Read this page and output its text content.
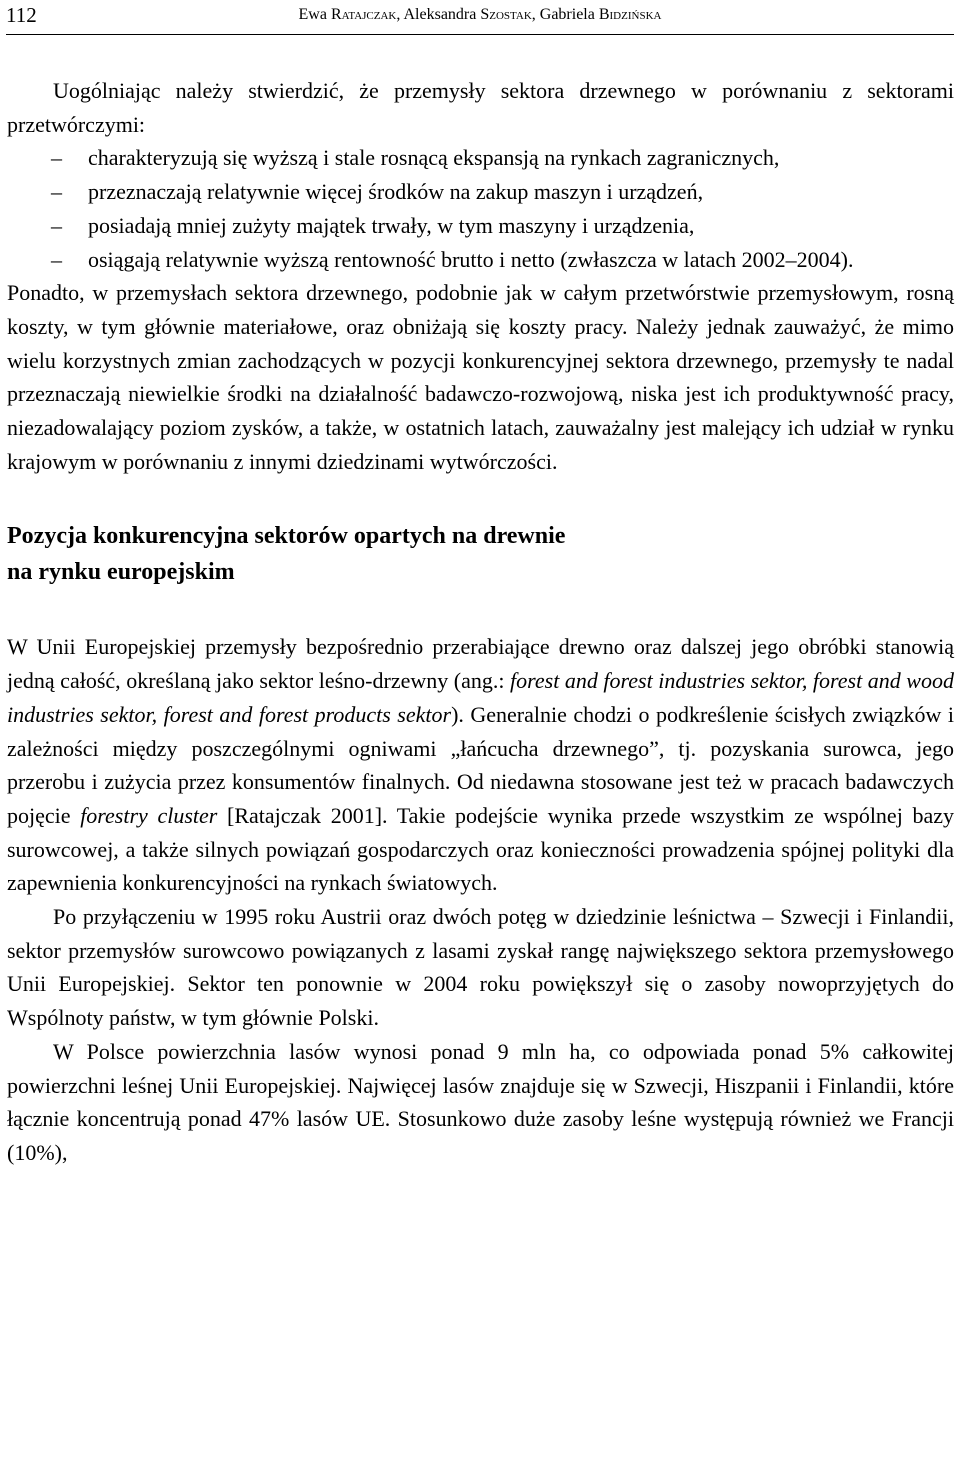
112	Ewa Ratajczak, Aleksandra Szostak, Gabriela Bidzińska

Uogólniając należy stwierdzić, że przemysły sektora drzewnego w porównaniu z sektorami przetwórczymi:

– charakteryzują się wyższą i stale rosnącą ekspansją na rynkach zagranicznych,
– przeznaczają relatywnie więcej środków na zakup maszyn i urządzeń,
– posiadają mniej zużyty majątek trwały, w tym maszyny i urządzenia,
– osiągają relatywnie wyższą rentowność brutto i netto (zwłaszcza w latach 2002–2004).

Ponadto, w przemysłach sektora drzewnego, podobnie jak w całym przetwórstwie przemysłowym, rosną koszty, w tym głównie materiałowe, oraz obniżają się koszty pracy. Należy jednak zauważyć, że mimo wielu korzystnych zmian zachodzących w pozycji konkurencyjnej sektora drzewnego, przemysły te nadal przeznaczają niewielkie środki na działalność badawczo-rozwojową, niska jest ich produktywność pracy, niezadowalający poziom zysków, a także, w ostatnich latach, zauważalny jest malejący ich udział w rynku krajowym w porównaniu z innymi dziedzinami wytwórczości.

Pozycja konkurencyjna sektorów opartych na drewnie
na rynku europejskim

W Unii Europejskiej przemysły bezpośrednio przerabiające drewno oraz dalszej jego obróbki stanowią jedną całość, określaną jako sektor leśno-drzewny (ang.: forest and forest industries sektor, forest and wood industries sektor, forest and forest products sektor). Generalnie chodzi o podkreślenie ścisłych związków i zależności między poszczególnymi ogniwami „łańcucha drzewnego”, tj. pozyskania surowca, jego przerobu i zużycia przez konsumentów finalnych. Od niedawna stosowane jest też w pracach badawczych pojęcie forestry cluster [Ratajczak 2001]. Takie podejście wynika przede wszystkim ze wspólnej bazy surowcowej, a także silnych powiązań gospodarczych oraz konieczności prowadzenia spójnej polityki dla zapewnienia konkurencyjności na rynkach światowych.

Po przyłączeniu w 1995 roku Austrii oraz dwóch potęg w dziedzinie leśnictwa – Szwecji i Finlandii, sektor przemysłów surowcowo powiązanych z lasami zyskał rangę największego sektora przemysłowego Unii Europejskiej. Sektor ten ponownie w 2004 roku powiększył się o zasoby nowoprzyjętych do Wspólnoty państw, w tym głównie Polski.

W Polsce powierzchnia lasów wynosi ponad 9 mln ha, co odpowiada ponad 5% całkowitej powierzchni leśnej Unii Europejskiej. Najwięcej lasów znajduje się w Szwecji, Hiszpanii i Finlandii, które łącznie koncentrują ponad 47% lasów UE. Stosunkowo duże zasoby leśne występują również we Francji (10%),
